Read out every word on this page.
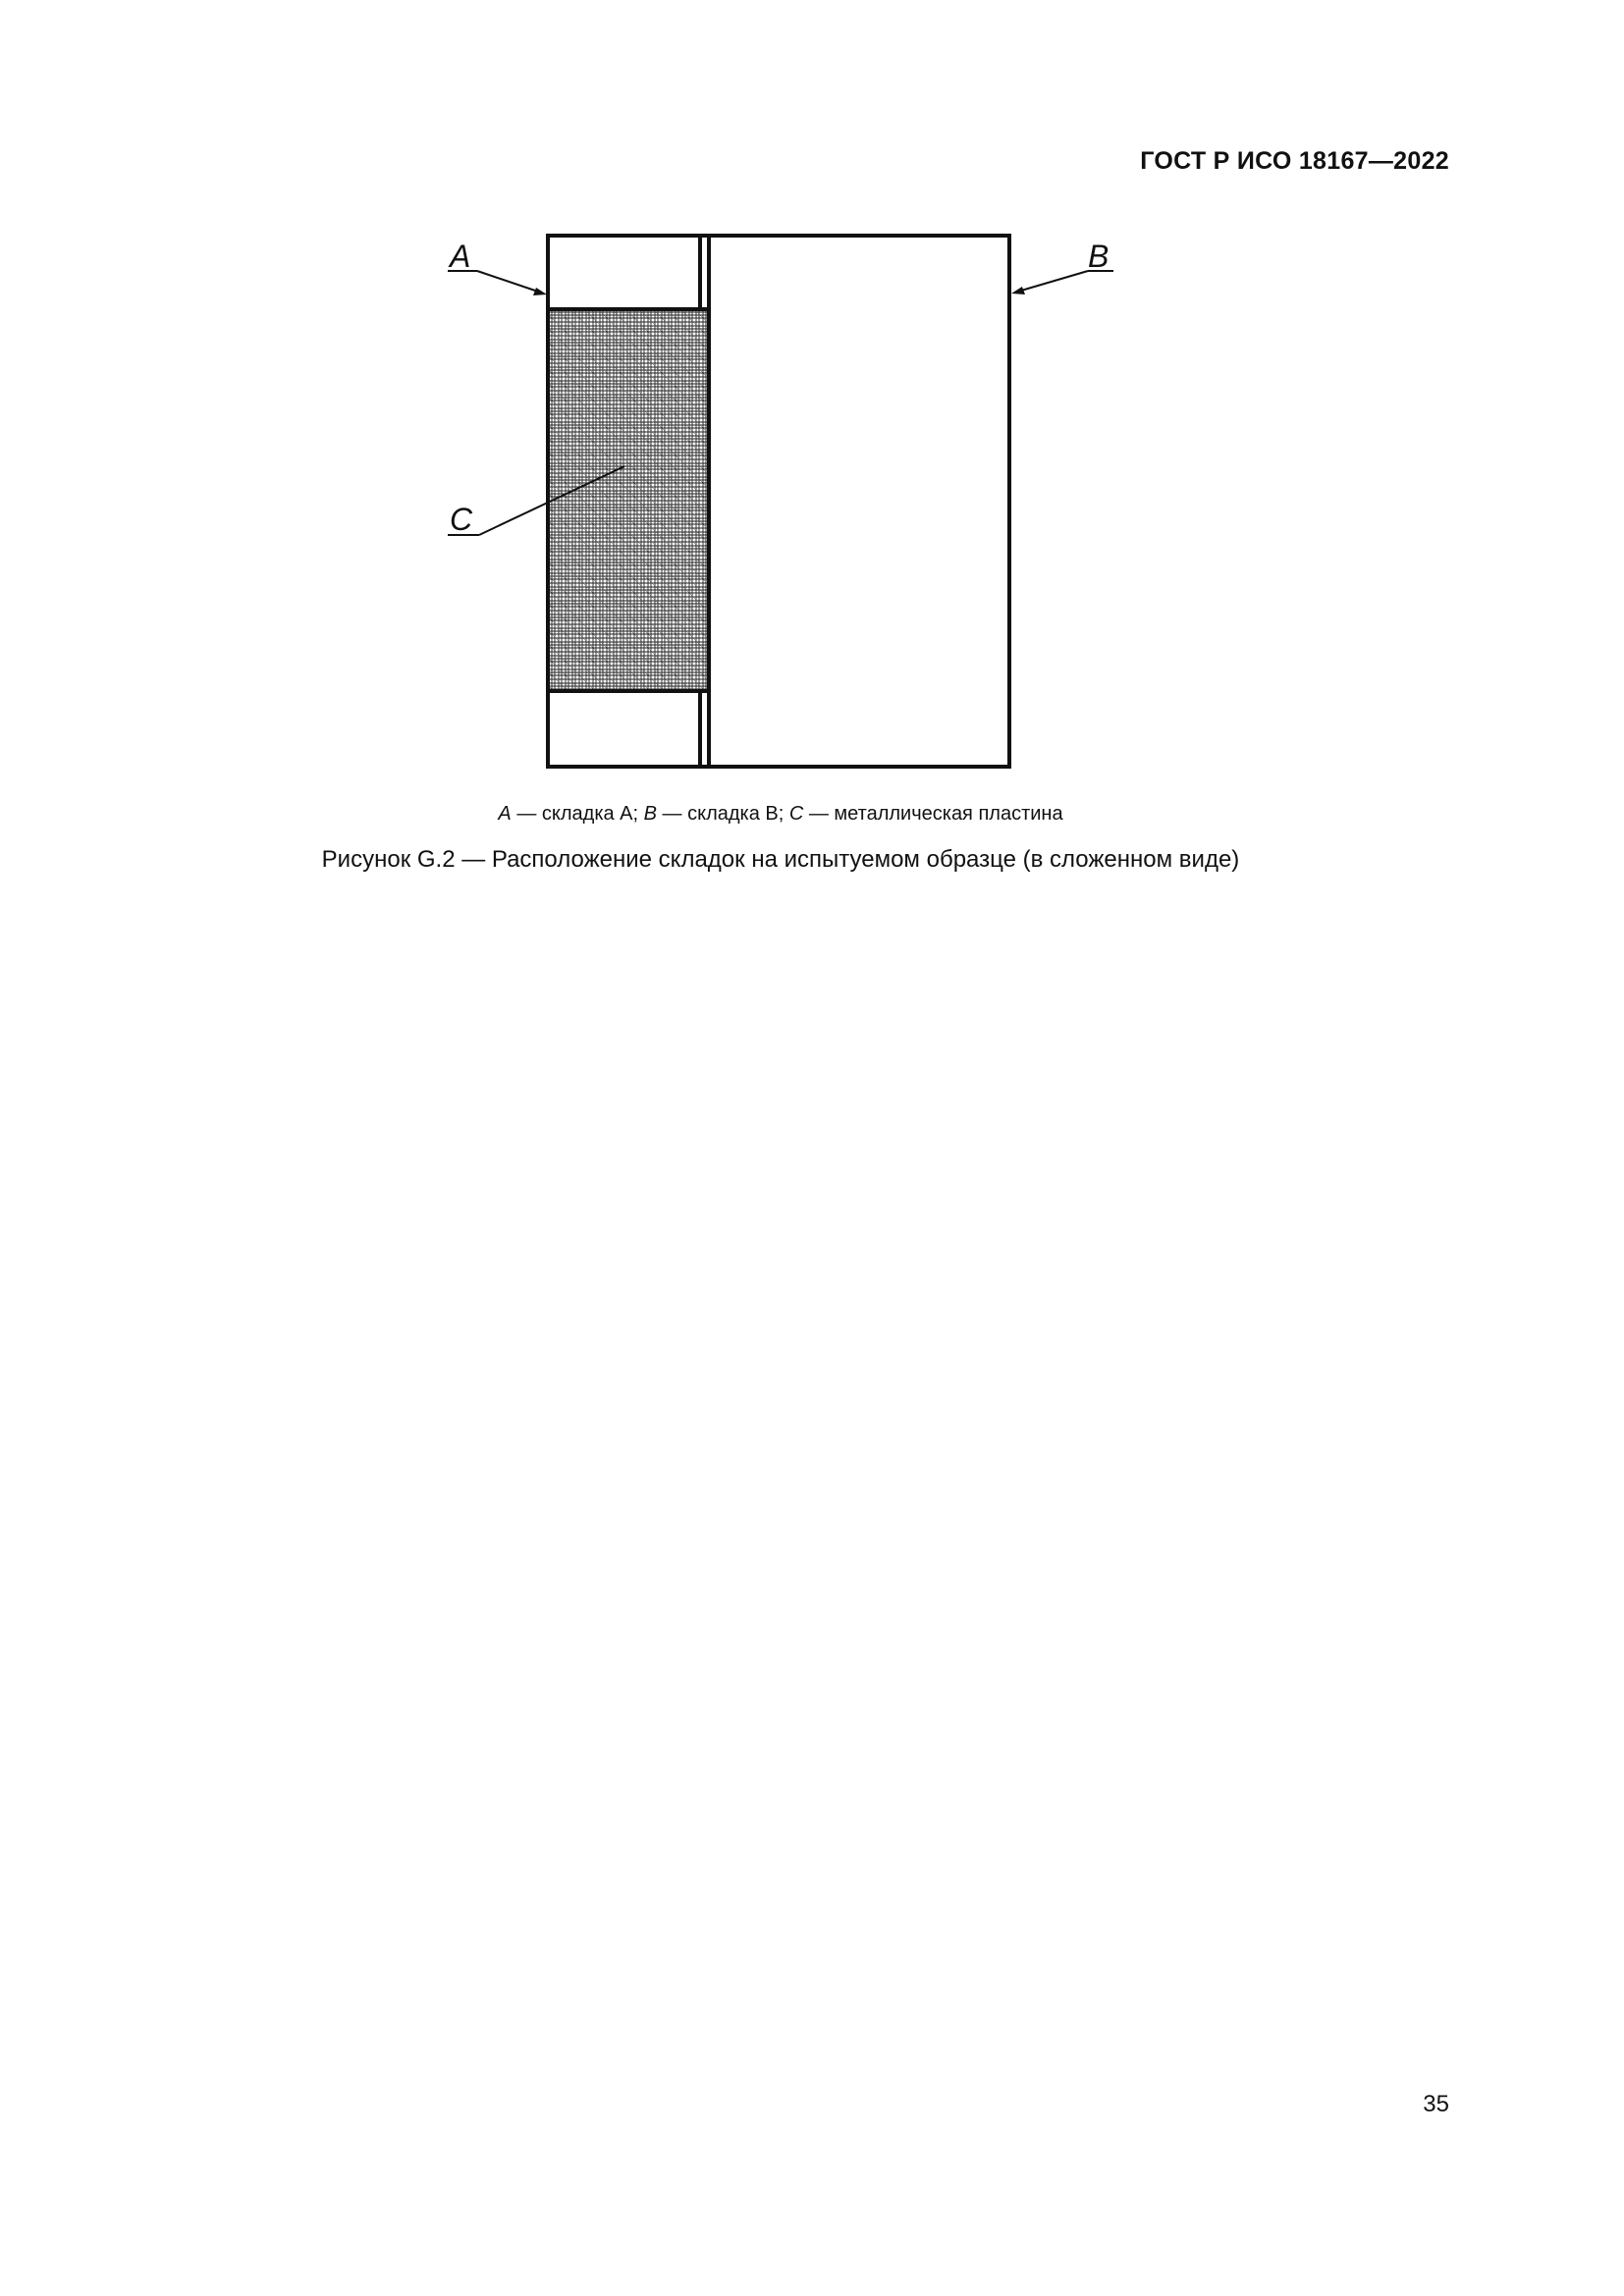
ГОСТ Р ИСО 18167—2022

A	B
C

A — складка A; B — складка B; C — металлическая пластина

Рисунок G.2 — Расположение складок на испытуемом образце (в сложенном виде)

35
